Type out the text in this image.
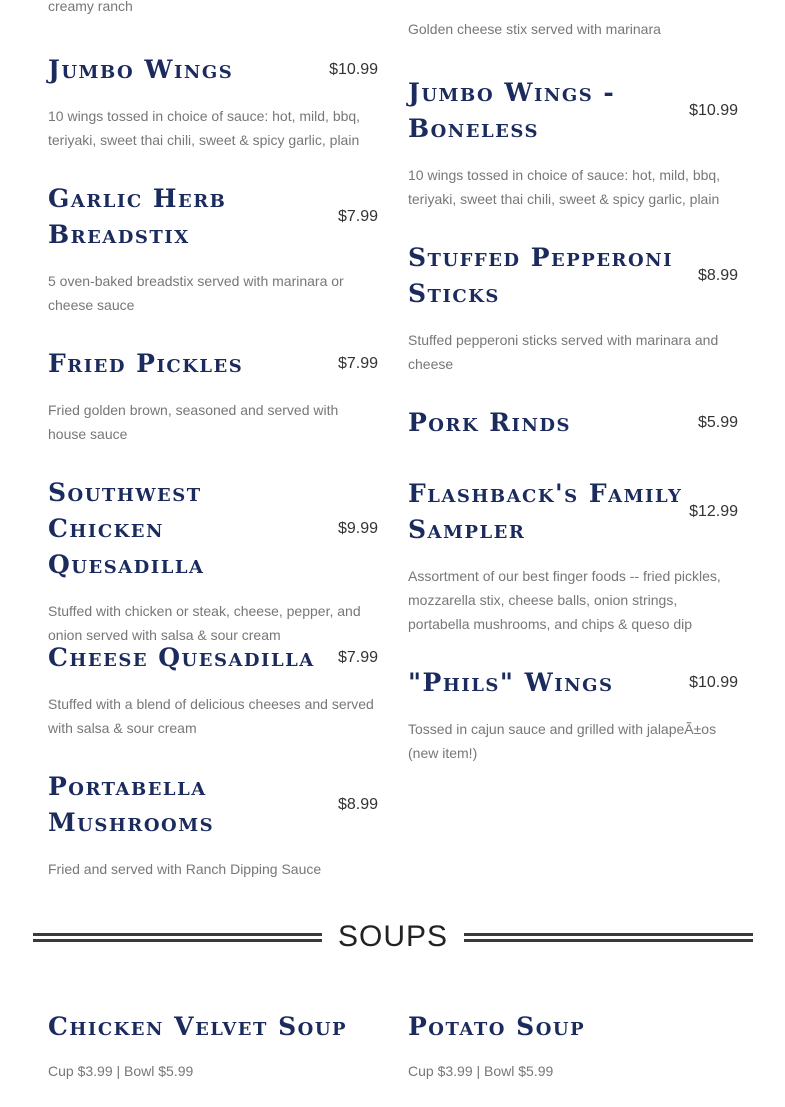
creamy ranch
Golden cheese stix served with marinara
Jumbo Wings	$10.99
10 wings tossed in choice of sauce: hot, mild, bbq, teriyaki, sweet thai chili, sweet & spicy garlic, plain
Garlic Herb Breadstix
$7.99
5 oven-baked breadstix served with marinara or cheese sauce
Fried Pickles	$7.99
Fried golden brown, seasoned and served with house sauce
Southwest Chicken Quesadilla
$9.99
Stuffed with chicken or steak, cheese, pepper, and onion served with salsa & sour cream
Cheese Quesadilla	$7.99
Stuffed with a blend of delicious cheeses and served with salsa & sour cream
Portabella Mushrooms
$8.99
Fried and served with Ranch Dipping Sauce
Jumbo Wings - Boneless
$10.99
10 wings tossed in choice of sauce: hot, mild, bbq, teriyaki, sweet thai chili, sweet & spicy garlic, plain
Stuffed Pepperoni Sticks
$8.99
Stuffed pepperoni sticks served with marinara and cheese
Pork Rinds	$5.99
Flashback's Family Sampler
$12.99
Assortment of our best finger foods -- fried pickles, mozzarella stix, cheese balls, onion strings, portabella mushrooms, and chips & queso dip
"Phils" Wings	$10.99
Tossed in cajun sauce and grilled with jalapeÃ±os (new item!)
SOUPS
Chicken Velvet Soup
Cup $3.99 | Bowl $5.99
Potato Soup
Cup $3.99 | Bowl $5.99
